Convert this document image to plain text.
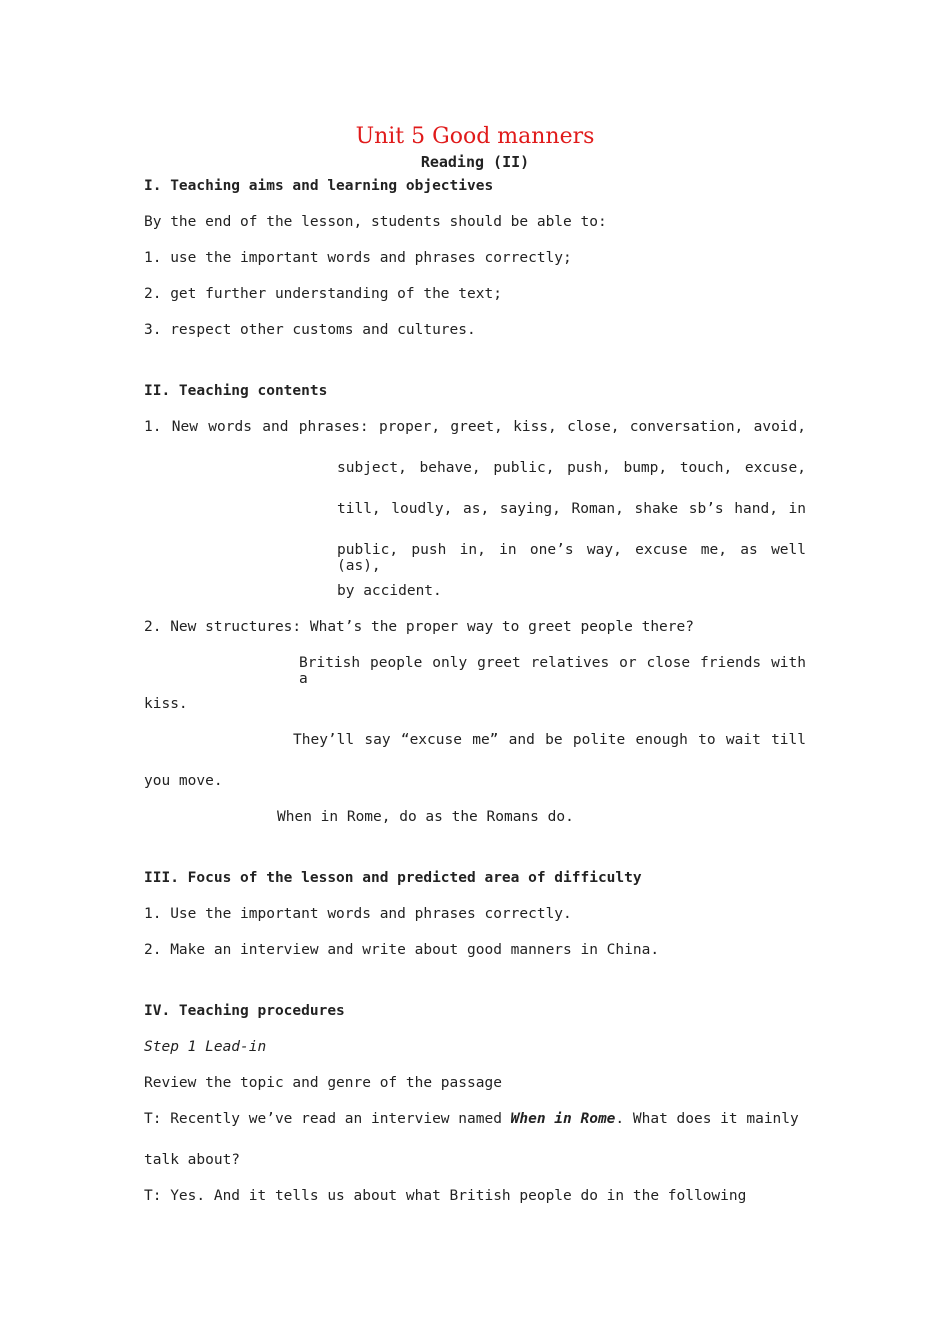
Unit 5 Good manners
Reading (II)
I. Teaching aims and learning objectives
By the end of the lesson, students should be able to:
1. use the important words and phrases correctly;
2. get further understanding of the text;
3. respect other customs and cultures.
II. Teaching contents
1. New words and phrases: proper, greet, kiss, close, conversation, avoid,
subject, behave, public, push, bump, touch, excuse,
till, loudly, as, saying, Roman, shake sb’s hand, in
public, push in, in one’s way, excuse me, as well (as),
by accident.
2. New structures: What’s the proper way to greet people there?
British people only greet relatives or close friends with a
kiss.
They’ll say “excuse me” and be polite enough to wait till
you move.
When in Rome, do as the Romans do.
III. Focus of the lesson and predicted area of difficulty
1. Use the important words and phrases correctly.
2. Make an interview and write about good manners in China.
IV. Teaching procedures
Step 1 Lead-in
Review the topic and genre of the passage
T: Recently we’ve read an interview named When in Rome. What does it mainly
talk about?
T: Yes. And it tells us about what British people do in the following
